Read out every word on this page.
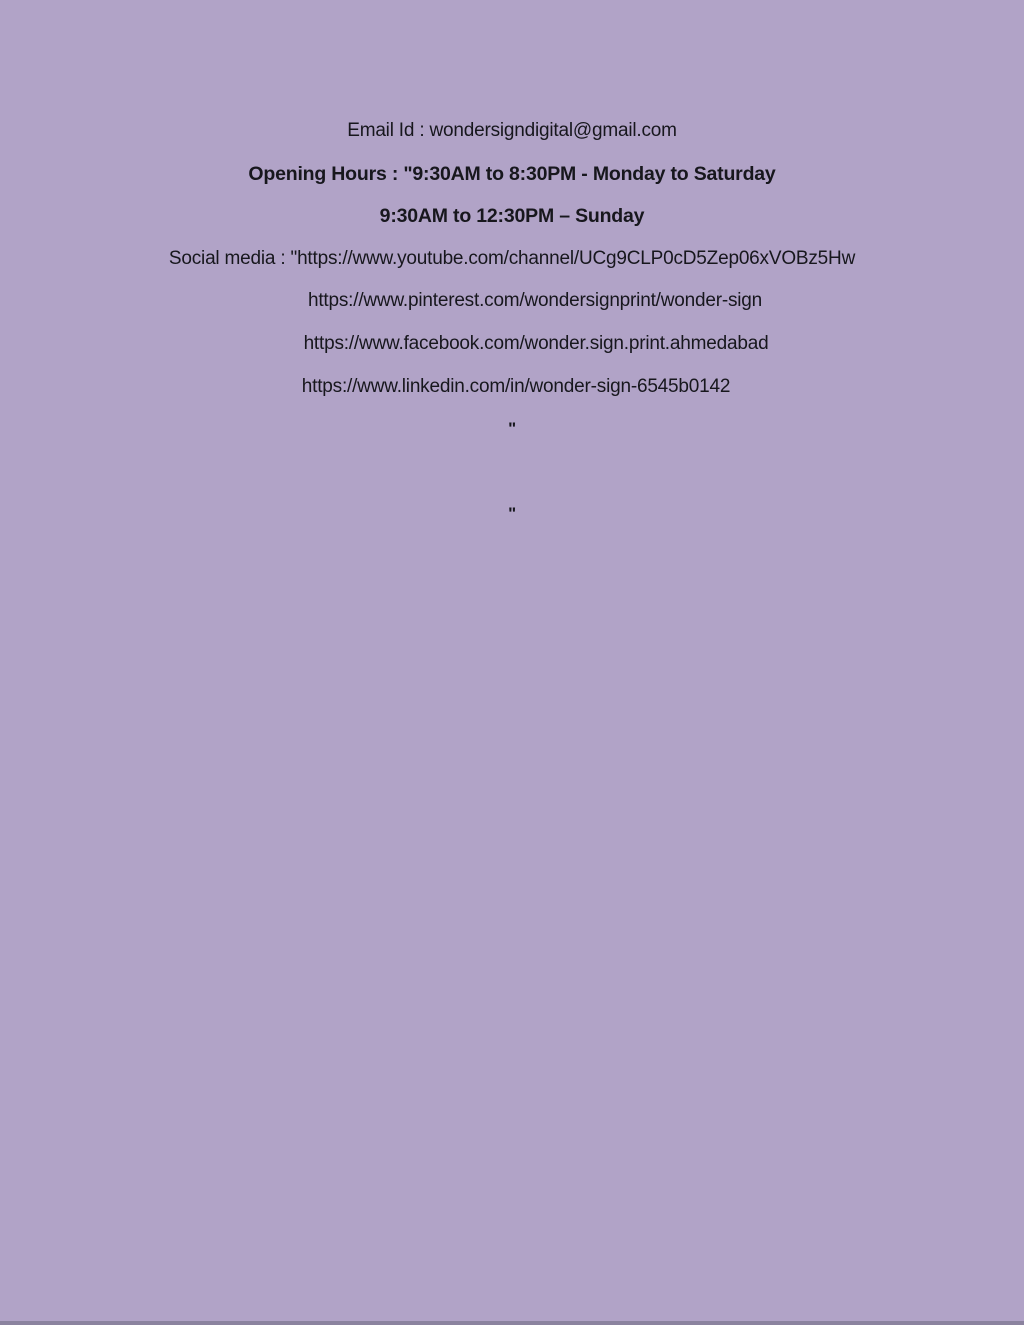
Email Id : wondersigndigital@gmail.com
Opening Hours : "9:30AM to 8:30PM - Monday to Saturday
9:30AM to 12:30PM – Sunday
Social media : "https://www.youtube.com/channel/UCg9CLP0cD5Zep06xVOBz5Hw
https://www.pinterest.com/wondersignprint/wonder-sign
https://www.facebook.com/wonder.sign.print.ahmedabad
https://www.linkedin.com/in/wonder-sign-6545b0142
"
"
